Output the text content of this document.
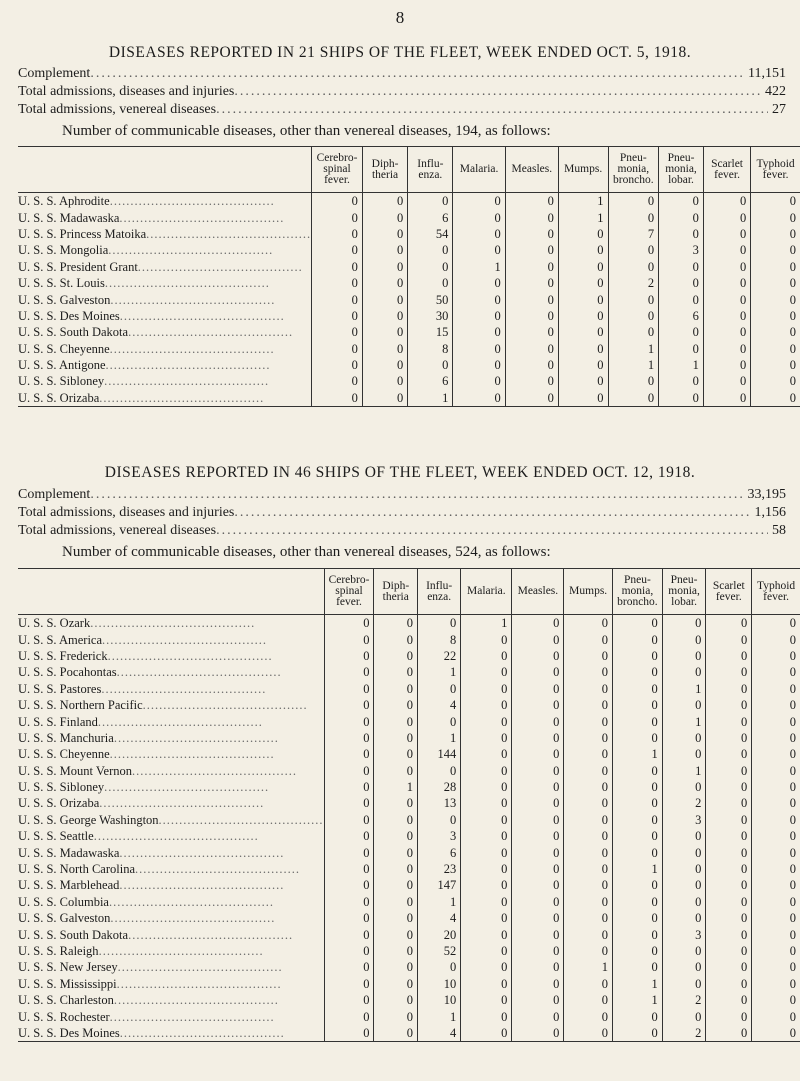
8
DISEASES REPORTED IN 21 SHIPS OF THE FLEET, WEEK ENDED OCT. 5, 1918.
Complement .....	11,151
Total admissions, diseases and injuries .....	422
Total admissions, venereal diseases .....	27
Number of communicable diseases, other than venereal diseases, 194, as follows:
	Cerebro-spinal fever.	Diph-theria	Influ-enza.	Malaria.	Measles.	Mumps.	Pneu-monia, broncho.	Pneu-monia, lobar.	Scarlet fever.	Typhoid fever.
U. S. S. Aphrodite........................................	0	0	0	0	0	1	0	0	0	0
U. S. S. Madawaska........................................	0	0	6	0	0	1	0	0	0	0
U. S. S. Princess Matoika........................................	0	0	54	0	0	0	7	0	0	0
U. S. S. Mongolia........................................	0	0	0	0	0	0	0	3	0	0
U. S. S. President Grant........................................	0	0	0	1	0	0	0	0	0	0
U. S. S. St. Louis........................................	0	0	0	0	0	0	2	0	0	0
U. S. S. Galveston........................................	0	0	50	0	0	0	0	0	0	0
U. S. S. Des Moines........................................	0	0	30	0	0	0	0	6	0	0
U. S. S. South Dakota........................................	0	0	15	0	0	0	0	0	0	0
U. S. S. Cheyenne........................................	0	0	8	0	0	0	1	0	0	0
U. S. S. Antigone........................................	0	0	0	0	0	0	1	1	0	0
U. S. S. Sibloney........................................	0	0	6	0	0	0	0	0	0	0
U. S. S. Orizaba........................................	0	0	1	0	0	0	0	0	0	0
DISEASES REPORTED IN 46 SHIPS OF THE FLEET, WEEK ENDED OCT. 12, 1918.
Complement .....	33,195
Total admissions, diseases and injuries .....	1,156
Total admissions, venereal diseases .....	58
Number of communicable diseases, other than venereal diseases, 524, as follows:
	Cerebro-spinal fever.	Diph-theria	Influ-enza.	Malaria.	Measles.	Mumps.	Pneu-monia, broncho.	Pneu-monia, lobar.	Scarlet fever.	Typhoid fever.
U. S. S. Ozark........................................	0	0	0	1	0	0	0	0	0	0
U. S. S. America........................................	0	0	8	0	0	0	0	0	0	0
U. S. S. Frederick........................................	0	0	22	0	0	0	0	0	0	0
U. S. S. Pocahontas........................................	0	0	1	0	0	0	0	0	0	0
U. S. S. Pastores........................................	0	0	0	0	0	0	0	1	0	0
U. S. S. Northern Pacific........................................	0	0	4	0	0	0	0	0	0	0
U. S. S. Finland........................................	0	0	0	0	0	0	0	1	0	0
U. S. S. Manchuria........................................	0	0	1	0	0	0	0	0	0	0
U. S. S. Cheyenne........................................	0	0	144	0	0	0	1	0	0	0
U. S. S. Mount Vernon........................................	0	0	0	0	0	0	0	1	0	0
U. S. S. Sibloney........................................	0	1	28	0	0	0	0	0	0	0
U. S. S. Orizaba........................................	0	0	13	0	0	0	0	2	0	0
U. S. S. George Washington........................................	0	0	0	0	0	0	0	3	0	0
U. S. S. Seattle........................................	0	0	3	0	0	0	0	0	0	0
U. S. S. Madawaska........................................	0	0	6	0	0	0	0	0	0	0
U. S. S. North Carolina........................................	0	0	23	0	0	0	1	0	0	0
U. S. S. Marblehead........................................	0	0	147	0	0	0	0	0	0	0
U. S. S. Columbia........................................	0	0	1	0	0	0	0	0	0	0
U. S. S. Galveston........................................	0	0	4	0	0	0	0	0	0	0
U. S. S. South Dakota........................................	0	0	20	0	0	0	0	3	0	0
U. S. S. Raleigh........................................	0	0	52	0	0	0	0	0	0	0
U. S. S. New Jersey........................................	0	0	0	0	0	1	0	0	0	0
U. S. S. Mississippi........................................	0	0	10	0	0	0	1	0	0	0
U. S. S. Charleston........................................	0	0	10	0	0	0	1	2	0	0
U. S. S. Rochester........................................	0	0	1	0	0	0	0	0	0	0
U. S. S. Des Moines........................................	0	0	4	0	0	0	0	2	0	0
